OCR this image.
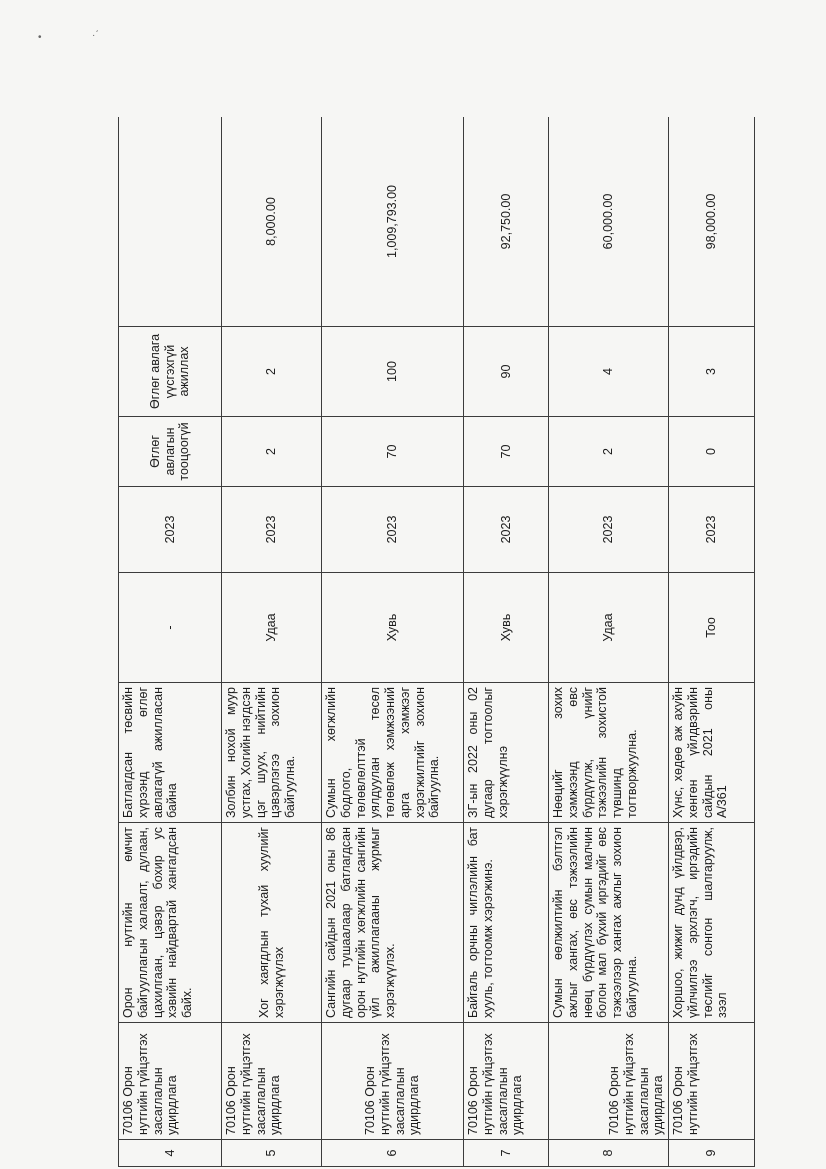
•	·ˊ
4	70106 Орон нутгийн гүйцэтгэх засаглалын удирдлага	Орон нутгийн өмчит байгууллагын халаалт, дулаан, цахилгаан, цэвэр бохир ус хэвийн найдвартай хангагдсан байх.	Батлагдсан төсвийн хүрээнд өглөг авлагагүй ажилласан байна	-	2023	Өглөг авлагын тооцоогүй	Өглөг авлага үүсгэхгүй ажиллах	
5	70106 Орон нутгийн гүйцэтгэх засаглалын удирдлага	Хог хаягдлын тухай хуулийг хэрэгжүүлэх	Золбин нохой муур устгах, Хогийн нэгдсэн цэг шуух, нийтийн цэвэрлэгээ зохион байгуулна.	Удаа	2023	2	2	8,000.00
6	70106 Орон нутгийн гүйцэтгэх засаглалын удирдлага	Сангийн сайдын 2021 оны 86 дугаар тушаалаар батлагдсан орон нутгийн хөгжлийн сангийн үйл ажиллагааны журмыг хэрэгжүүлэх.	Сумын хөгжлийн бодлого, төлөвлөлттэй уялдуулан төсөл төлөвлөж хэмжээний арга хэмжээг хэрэгжилтийг зохион байгуулна.	Хувь	2023	70	100	1,009,793.00
7	70106 Орон нутгийн гүйцэтгэх засаглалын удирдлага	Байгаль орчны чиглэлийн бат хууль, тогтоомж хэрэгжинэ.	ЗГ-ын 2022 оны 02 дугаар тогтоолыг хэрэгжүүлнэ	Хувь	2023	70	90	92,750.00
8	70106 Орон нутгийн гүйцэтгэх засаглалын удирдлага	Сумын өөлжилтийн бэлтгэл ажлыг хангах, өвс тэжээлийн нөөц бүрдүүлэх сумын малчин болон мал бүхий иргэдийг өвс тэжээлээр хангах ажлыг зохион байгуулна.	Нөөцийг зохих хэмжээнд өвс бүрдүүлж, үнийг тэжээлийн зохистой түвшинд тогтворжуулна.	Удаа	2023	2	4	60,000.00
9	70106 Орон нутгийн гүйцэтгэх	Хоршоо, жижиг дунд үйлдвэр, үйлчилгээ эрхлэгч, иргэдийн төслийг сонгон шалгаруулж, зээл	Хүнс, хөдөө аж ахуйн хөнгөн үйлдвэрийн сайдын 2021 оны А/361	Тоо	2023	0	3	98,000.00
